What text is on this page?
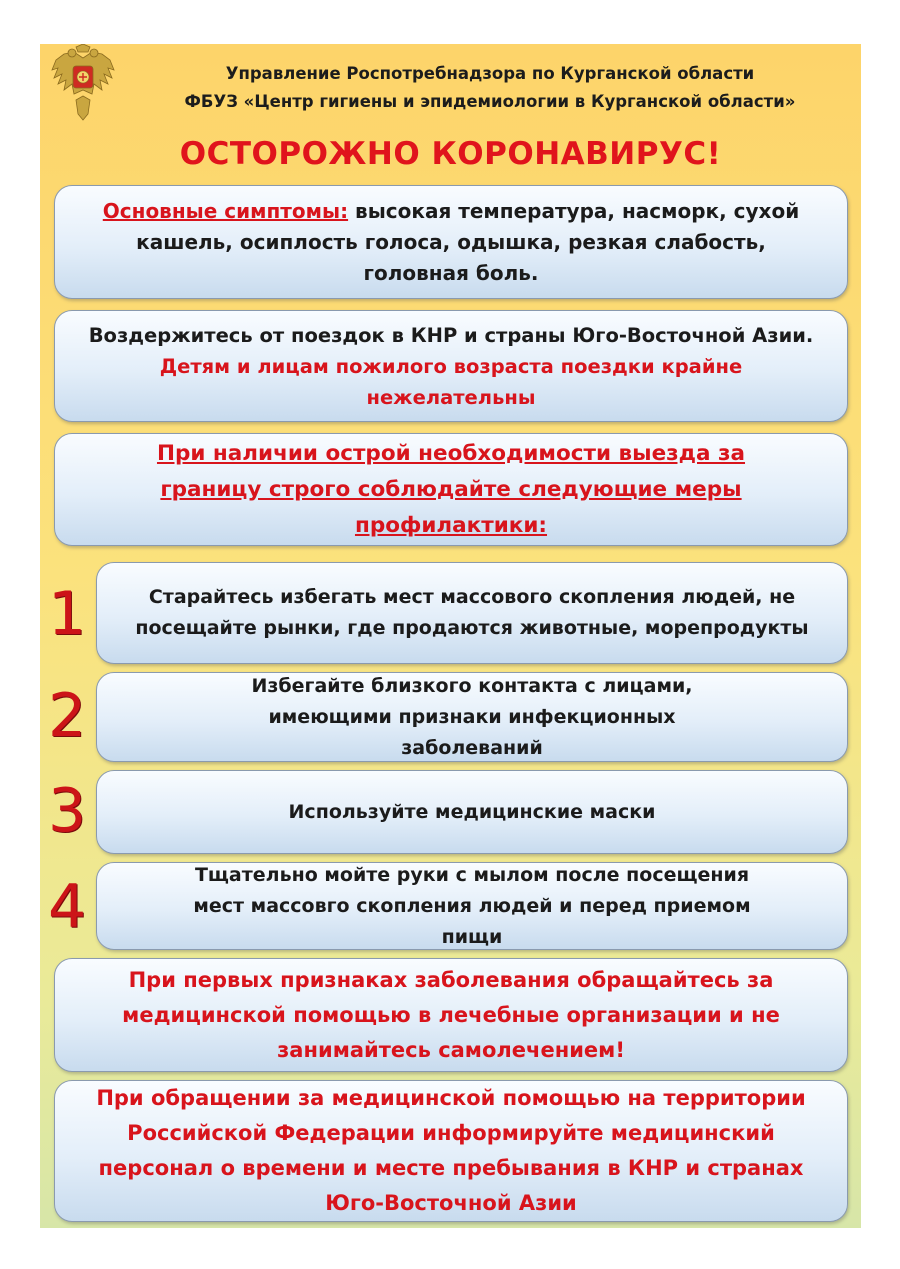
Управление Роспотребнадзора по Курганской области
ФБУЗ «Центр гигиены и эпидемиологии в Курганской области»
ОСТОРОЖНО КОРОНАВИРУС!
Основные симптомы: высокая температура, насморк, сухой кашель, осиплость голоса, одышка, резкая слабость, головная боль.
Воздержитесь от поездок в КНР и страны Юго-Восточной Азии.
Детям и лицам пожилого возраста поездки крайне нежелательны
При наличии острой необходимости выезда за границу строго соблюдайте следующие меры профилактики:
1	Старайтесь избегать мест массового скопления людей, не посещайте рынки, где продаются животные, морепродукты
2	Избегайте близкого контакта с лицами, имеющими признаки инфекционных заболеваний
3	Используйте медицинские маски
4	Тщательно мойте руки с мылом после посещения мест массовго скопления людей и перед приемом пищи
При первых признаках заболевания обращайтесь за медицинской помощью в лечебные организации и не занимайтесь самолечением!
При обращении за медицинской помощью на территории Российской Федерации информируйте медицинский персонал о времени и месте пребывания в КНР и странах Юго-Восточной Азии
